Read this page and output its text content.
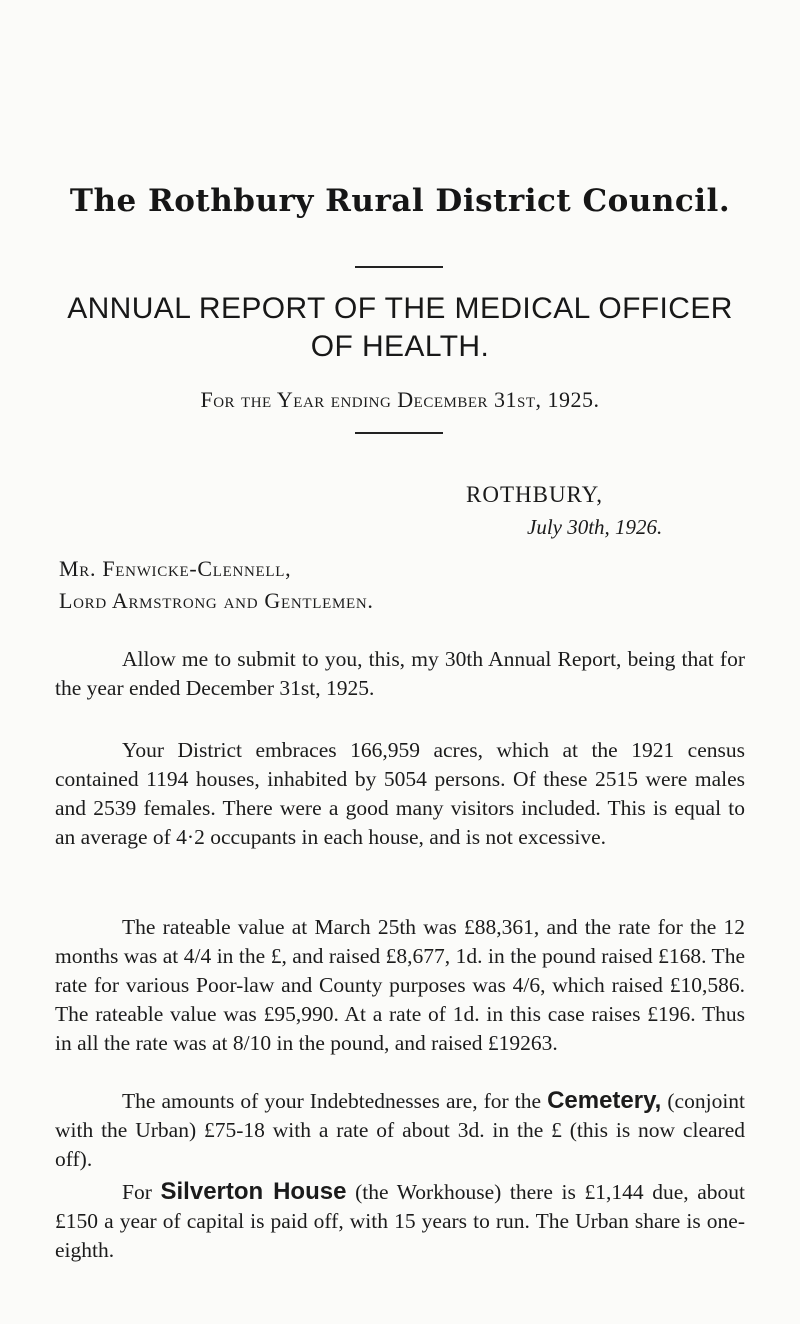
The Rothbury Rural District Council.
ANNUAL REPORT OF THE MEDICAL OFFICER
OF HEALTH.
For the Year ending December 31st, 1925.
ROTHBURY,
July 30th, 1926.
Mr. Fenwicke-Clennell,
Lord Armstrong and Gentlemen.

Allow me to submit to you, this, my 30th Annual Report, being that for the year ended December 31st, 1925.

Your District embraces 166,959 acres, which at the 1921 census contained 1194 houses, inhabited by 5054 persons. Of these 2515 were males and 2539 females. There were a good many visitors included. This is equal to an average of 4·2 occupants in each house, and is not excessive.

The rateable value at March 25th was £88,361, and the rate for the 12 months was at 4/4 in the £, and raised £8,677, 1d. in the pound raised £168. The rate for various Poor-law and County purposes was 4/6, which raised £10,586. The rateable value was £95,990. At a rate of 1d. in this case raises £196. Thus in all the rate was at 8/10 in the pound, and raised £19263.

The amounts of your Indebtednesses are, for the Cemetery, (conjoint with the Urban) £75-18 with a rate of about 3d. in the £ (this is now cleared off).

For Silverton House (the Workhouse) there is £1,144 due, about £150 a year of capital is paid off, with 15 years to run. The Urban share is one-eighth.
